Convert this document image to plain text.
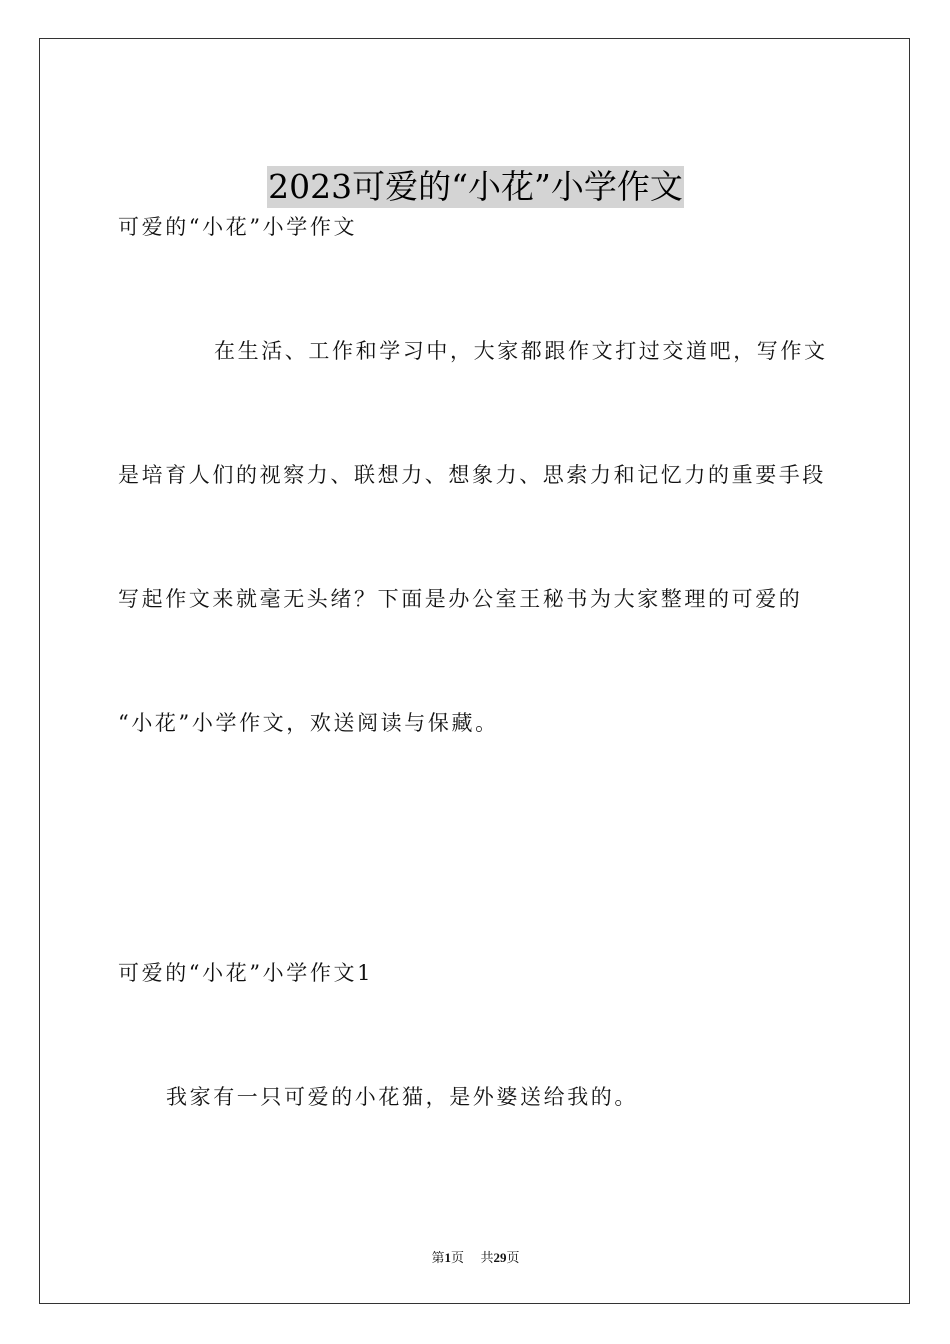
2023可爱的“小花”小学作文
可爱的“小花”小学作文
在生活、工作和学习中，大家都跟作文打过交道吧，写作文
是培育人们的视察力、联想力、想象力、思索力和记忆力的重要手段
写起作文来就毫无头绪？下面是办公室王秘书为大家整理的可爱的
“小花”小学作文，欢送阅读与保藏。
可爱的“小花”小学作文1
我家有一只可爱的小花猫，是外婆送给我的。
第1页 共29页
